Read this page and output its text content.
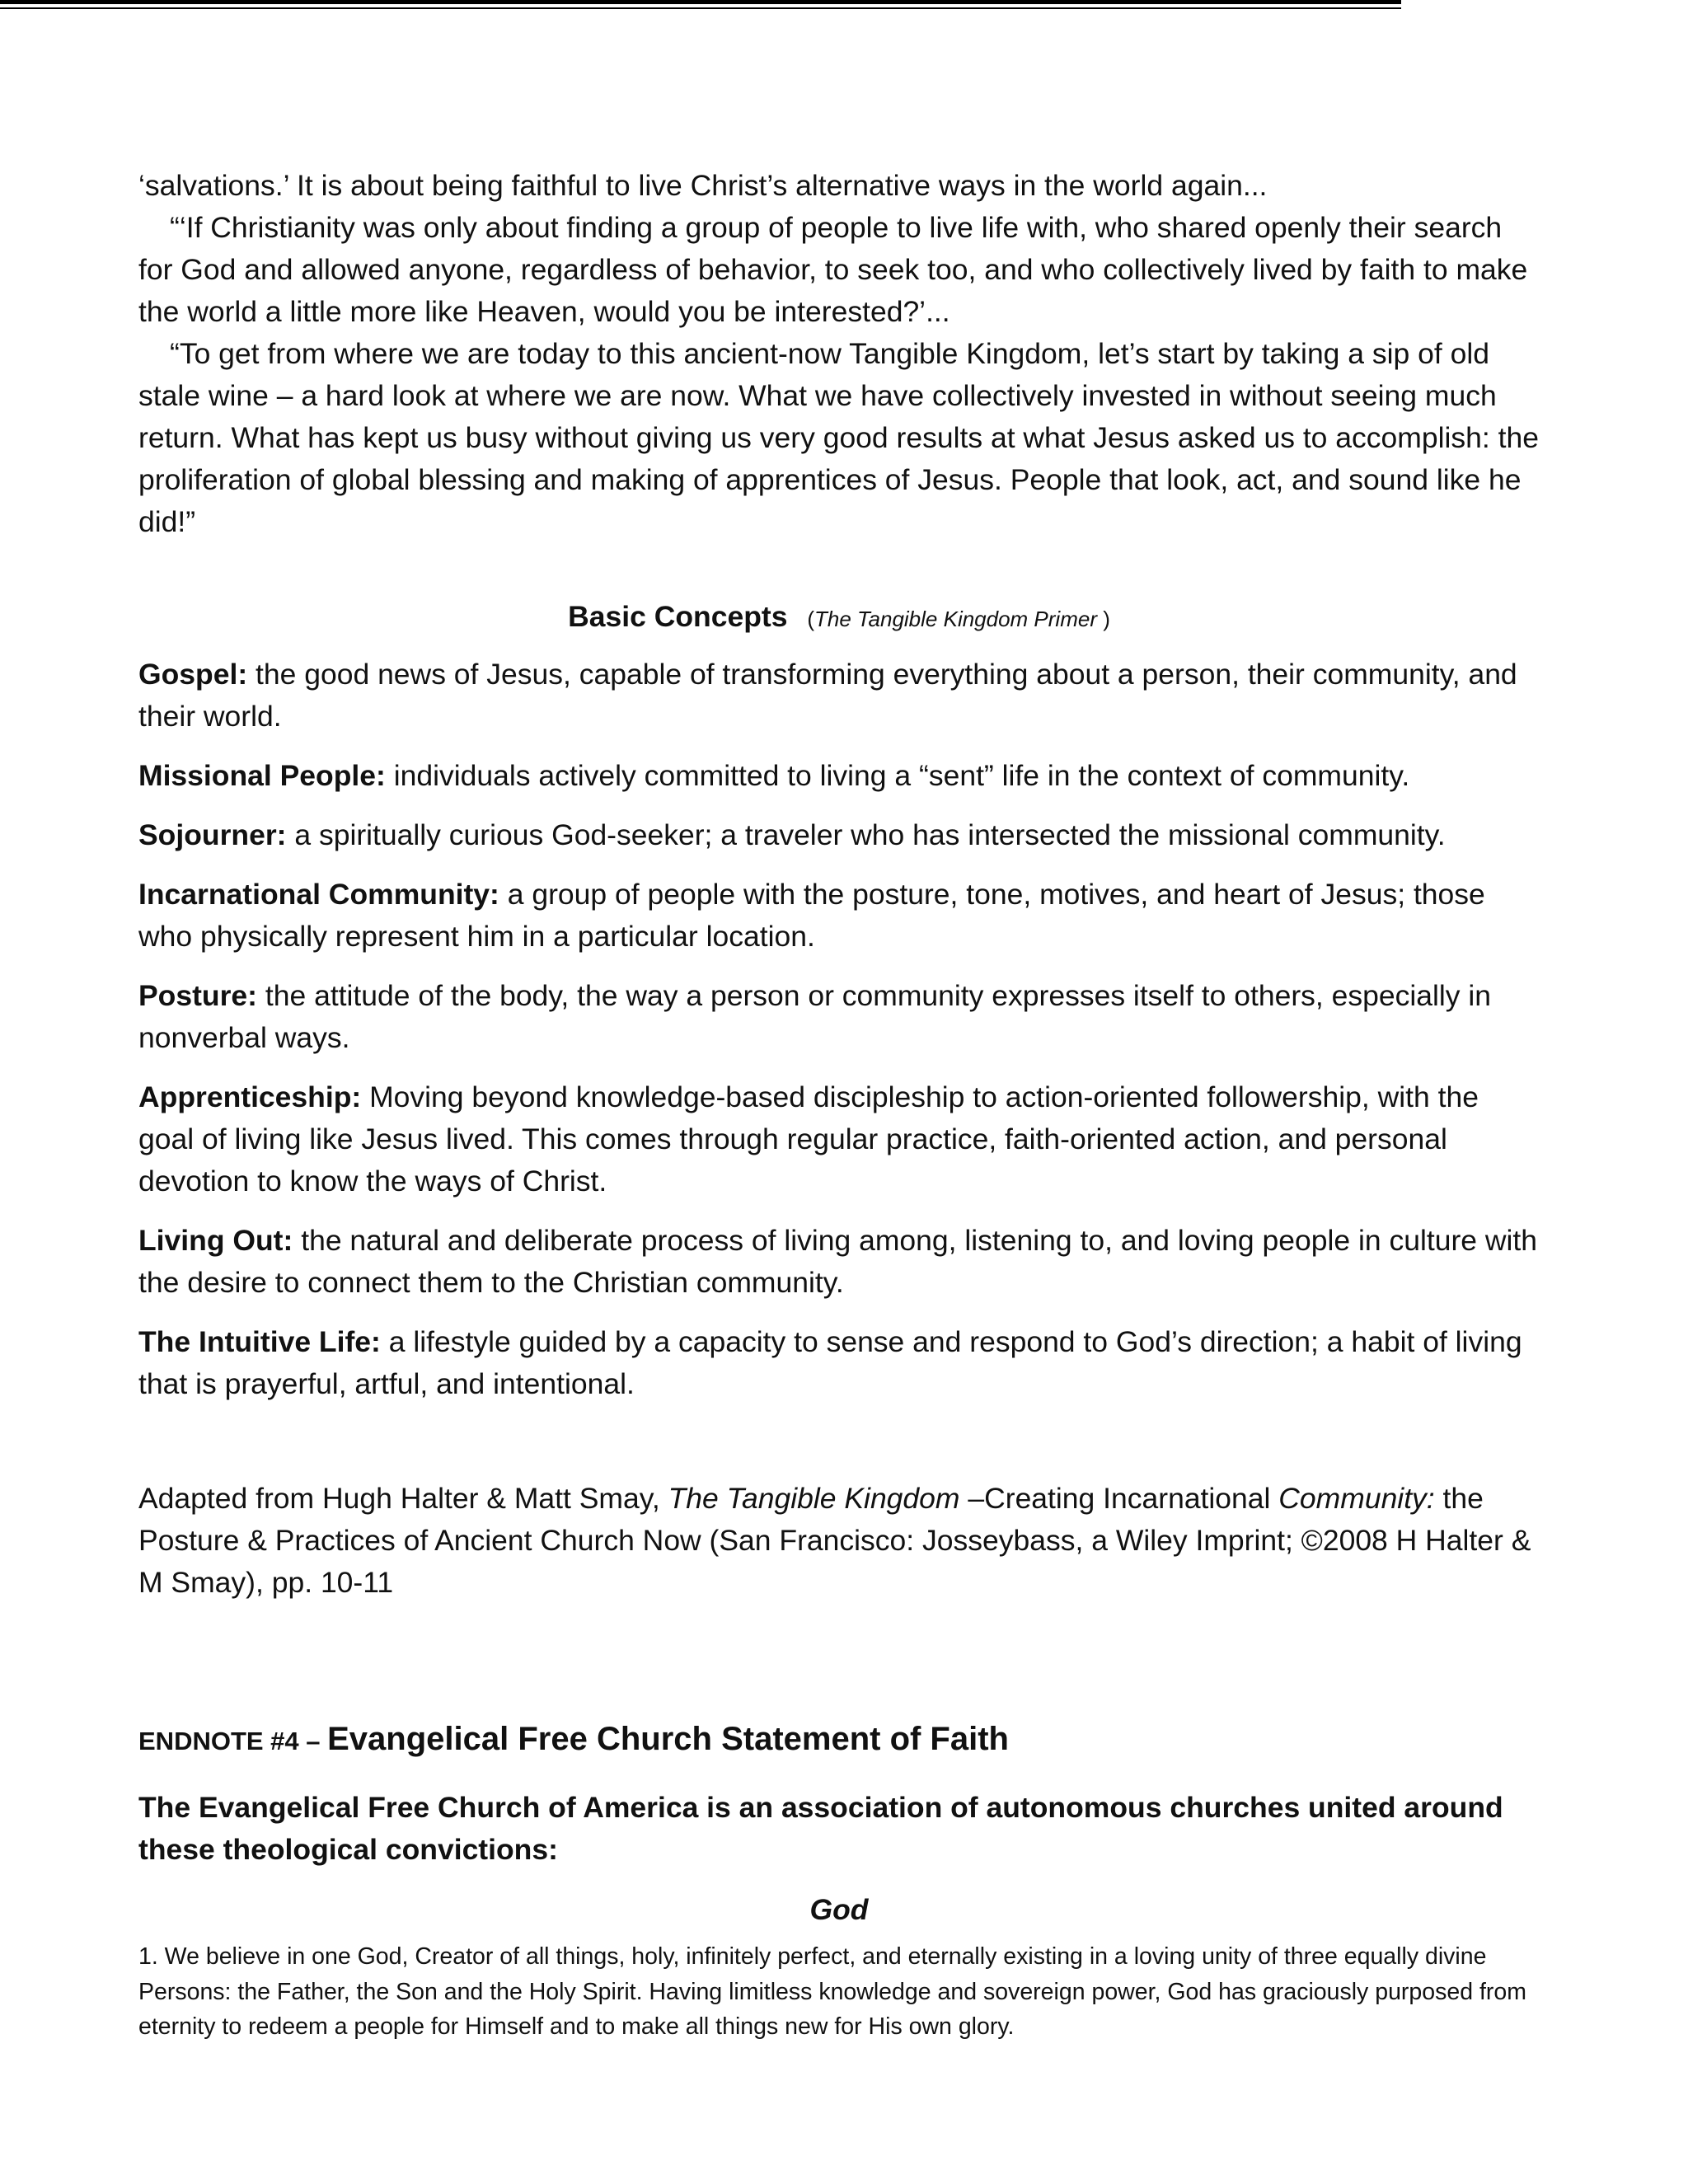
‘salvations.’ It is about being faithful to live Christ’s alternative ways in the world again...

“‘If Christianity was only about finding a group of people to live life with, who shared openly their search for God and allowed anyone, regardless of behavior, to seek too, and who collectively lived by faith to make the world a little more like Heaven, would you be interested?’...

“To get from where we are today to this ancient-now Tangible Kingdom, let’s start by taking a sip of old stale wine – a hard look at where we are now. What we have collectively invested in without seeing much return. What has kept us busy without giving us very good results at what Jesus asked us to accomplish: the proliferation of global blessing and making of apprentices of Jesus. People that look, act, and sound like he did!”

Basic Concepts (The Tangible Kingdom Primer )

Gospel: the good news of Jesus, capable of transforming everything about a person, their community, and their world.

Missional People: individuals actively committed to living a “sent” life in the context of community.

Sojourner: a spiritually curious God-seeker; a traveler who has intersected the missional community.

Incarnational Community: a group of people with the posture, tone, motives, and heart of Jesus; those who physically represent him in a particular location.

Posture: the attitude of the body, the way a person or community expresses itself to others, especially in nonverbal ways.

Apprenticeship: Moving beyond knowledge-based discipleship to action-oriented followership, with the goal of living like Jesus lived. This comes through regular practice, faith-oriented action, and personal devotion to know the ways of Christ.

Living Out: the natural and deliberate process of living among, listening to, and loving people in culture with the desire to connect them to the Christian community.

The Intuitive Life: a lifestyle guided by a capacity to sense and respond to God’s direction; a habit of living that is prayerful, artful, and intentional.

Adapted from Hugh Halter & Matt Smay, The Tangible Kingdom –Creating Incarnational Community: the Posture & Practices of Ancient Church Now (San Francisco: Josseybass, a Wiley Imprint; ©2008 H Halter & M Smay), pp. 10-11

ENDNOTE #4 – Evangelical Free Church Statement of Faith

The Evangelical Free Church of America is an association of autonomous churches united around these theological convictions:

God

1. We believe in one God, Creator of all things, holy, infinitely perfect, and eternally existing in a loving unity of three equally divine Persons: the Father, the Son and the Holy Spirit. Having limitless knowledge and sovereign power, God has graciously purposed from eternity to redeem a people for Himself and to make all things new for His own glory.
